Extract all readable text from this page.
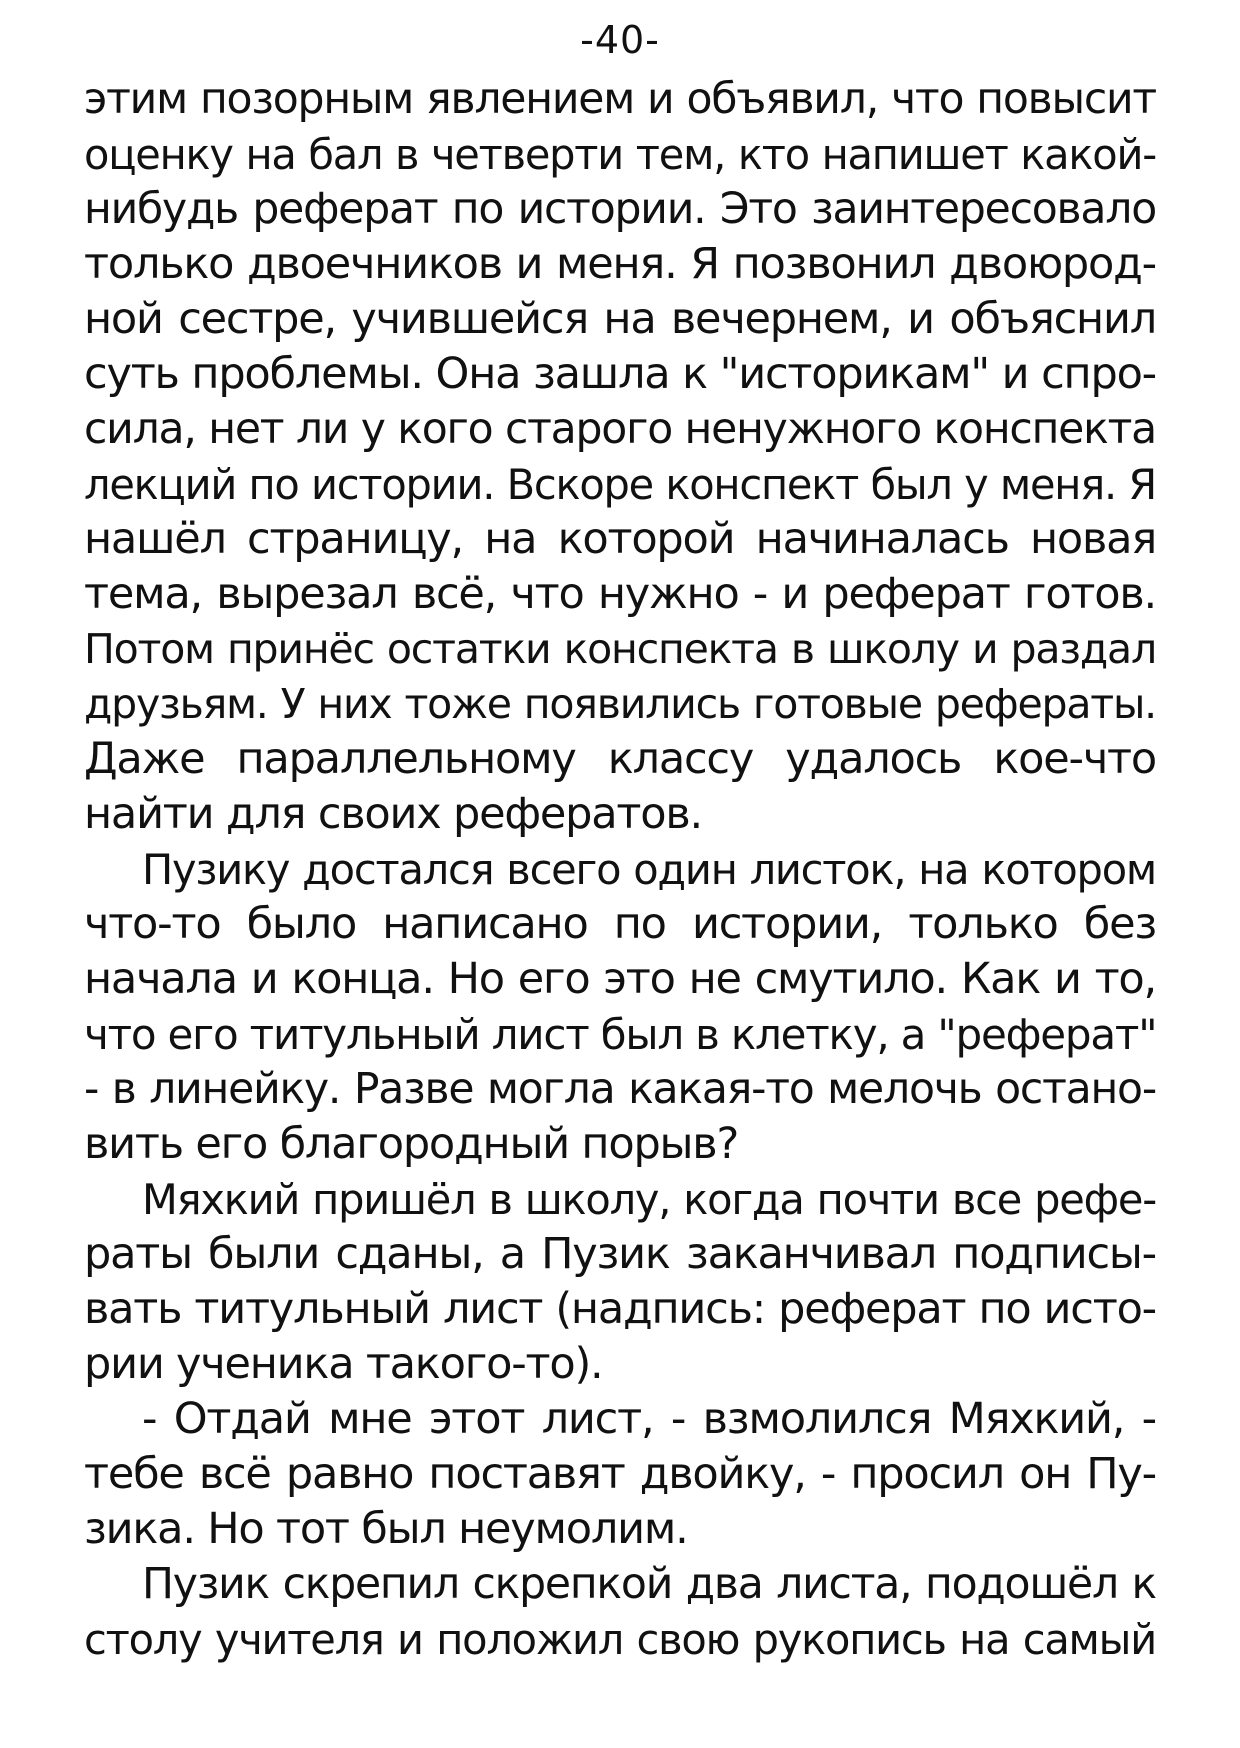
-40-
этим позорным явлением и объявил, что повысит
оценку на бал в четверти тем, кто напишет какой-
нибудь реферат по истории. Это заинтересовало
только двоечников и меня. Я позвонил двоюрод-
ной сестре, учившейся на вечернем, и объяснил
суть проблемы. Она зашла к "историкам" и спро-
сила, нет ли у кого старого ненужного конспекта
лекций по истории. Вскоре конспект был у меня. Я
нашёл страницу, на которой начиналась новая
тема, вырезал всё, что нужно - и реферат готов.
Потом принёс остатки конспекта в школу и раздал
друзьям. У них тоже появились готовые рефераты.
Даже параллельному классу удалось кое-что
найти для своих рефератов.
Пузику достался всего один листок, на котором
что-то было написано по истории, только без
начала и конца. Но его это не смутило. Как и то,
что его титульный лист был в клетку, а "реферат"
- в линейку. Разве могла какая-то мелочь остано-
вить его благородный порыв?
Мяхкий пришёл в школу, когда почти все рефе-
раты были сданы, а Пузик заканчивал подписы-
вать титульный лист (надпись: реферат по исто-
рии ученика такого-то).
- Отдай мне этот лист, - взмолился Мяхкий, -
тебе всё равно поставят двойку, - просил он Пу-
зика. Но тот был неумолим.
Пузик скрепил скрепкой два листа, подошёл к
столу учителя и положил свою рукопись на самый
